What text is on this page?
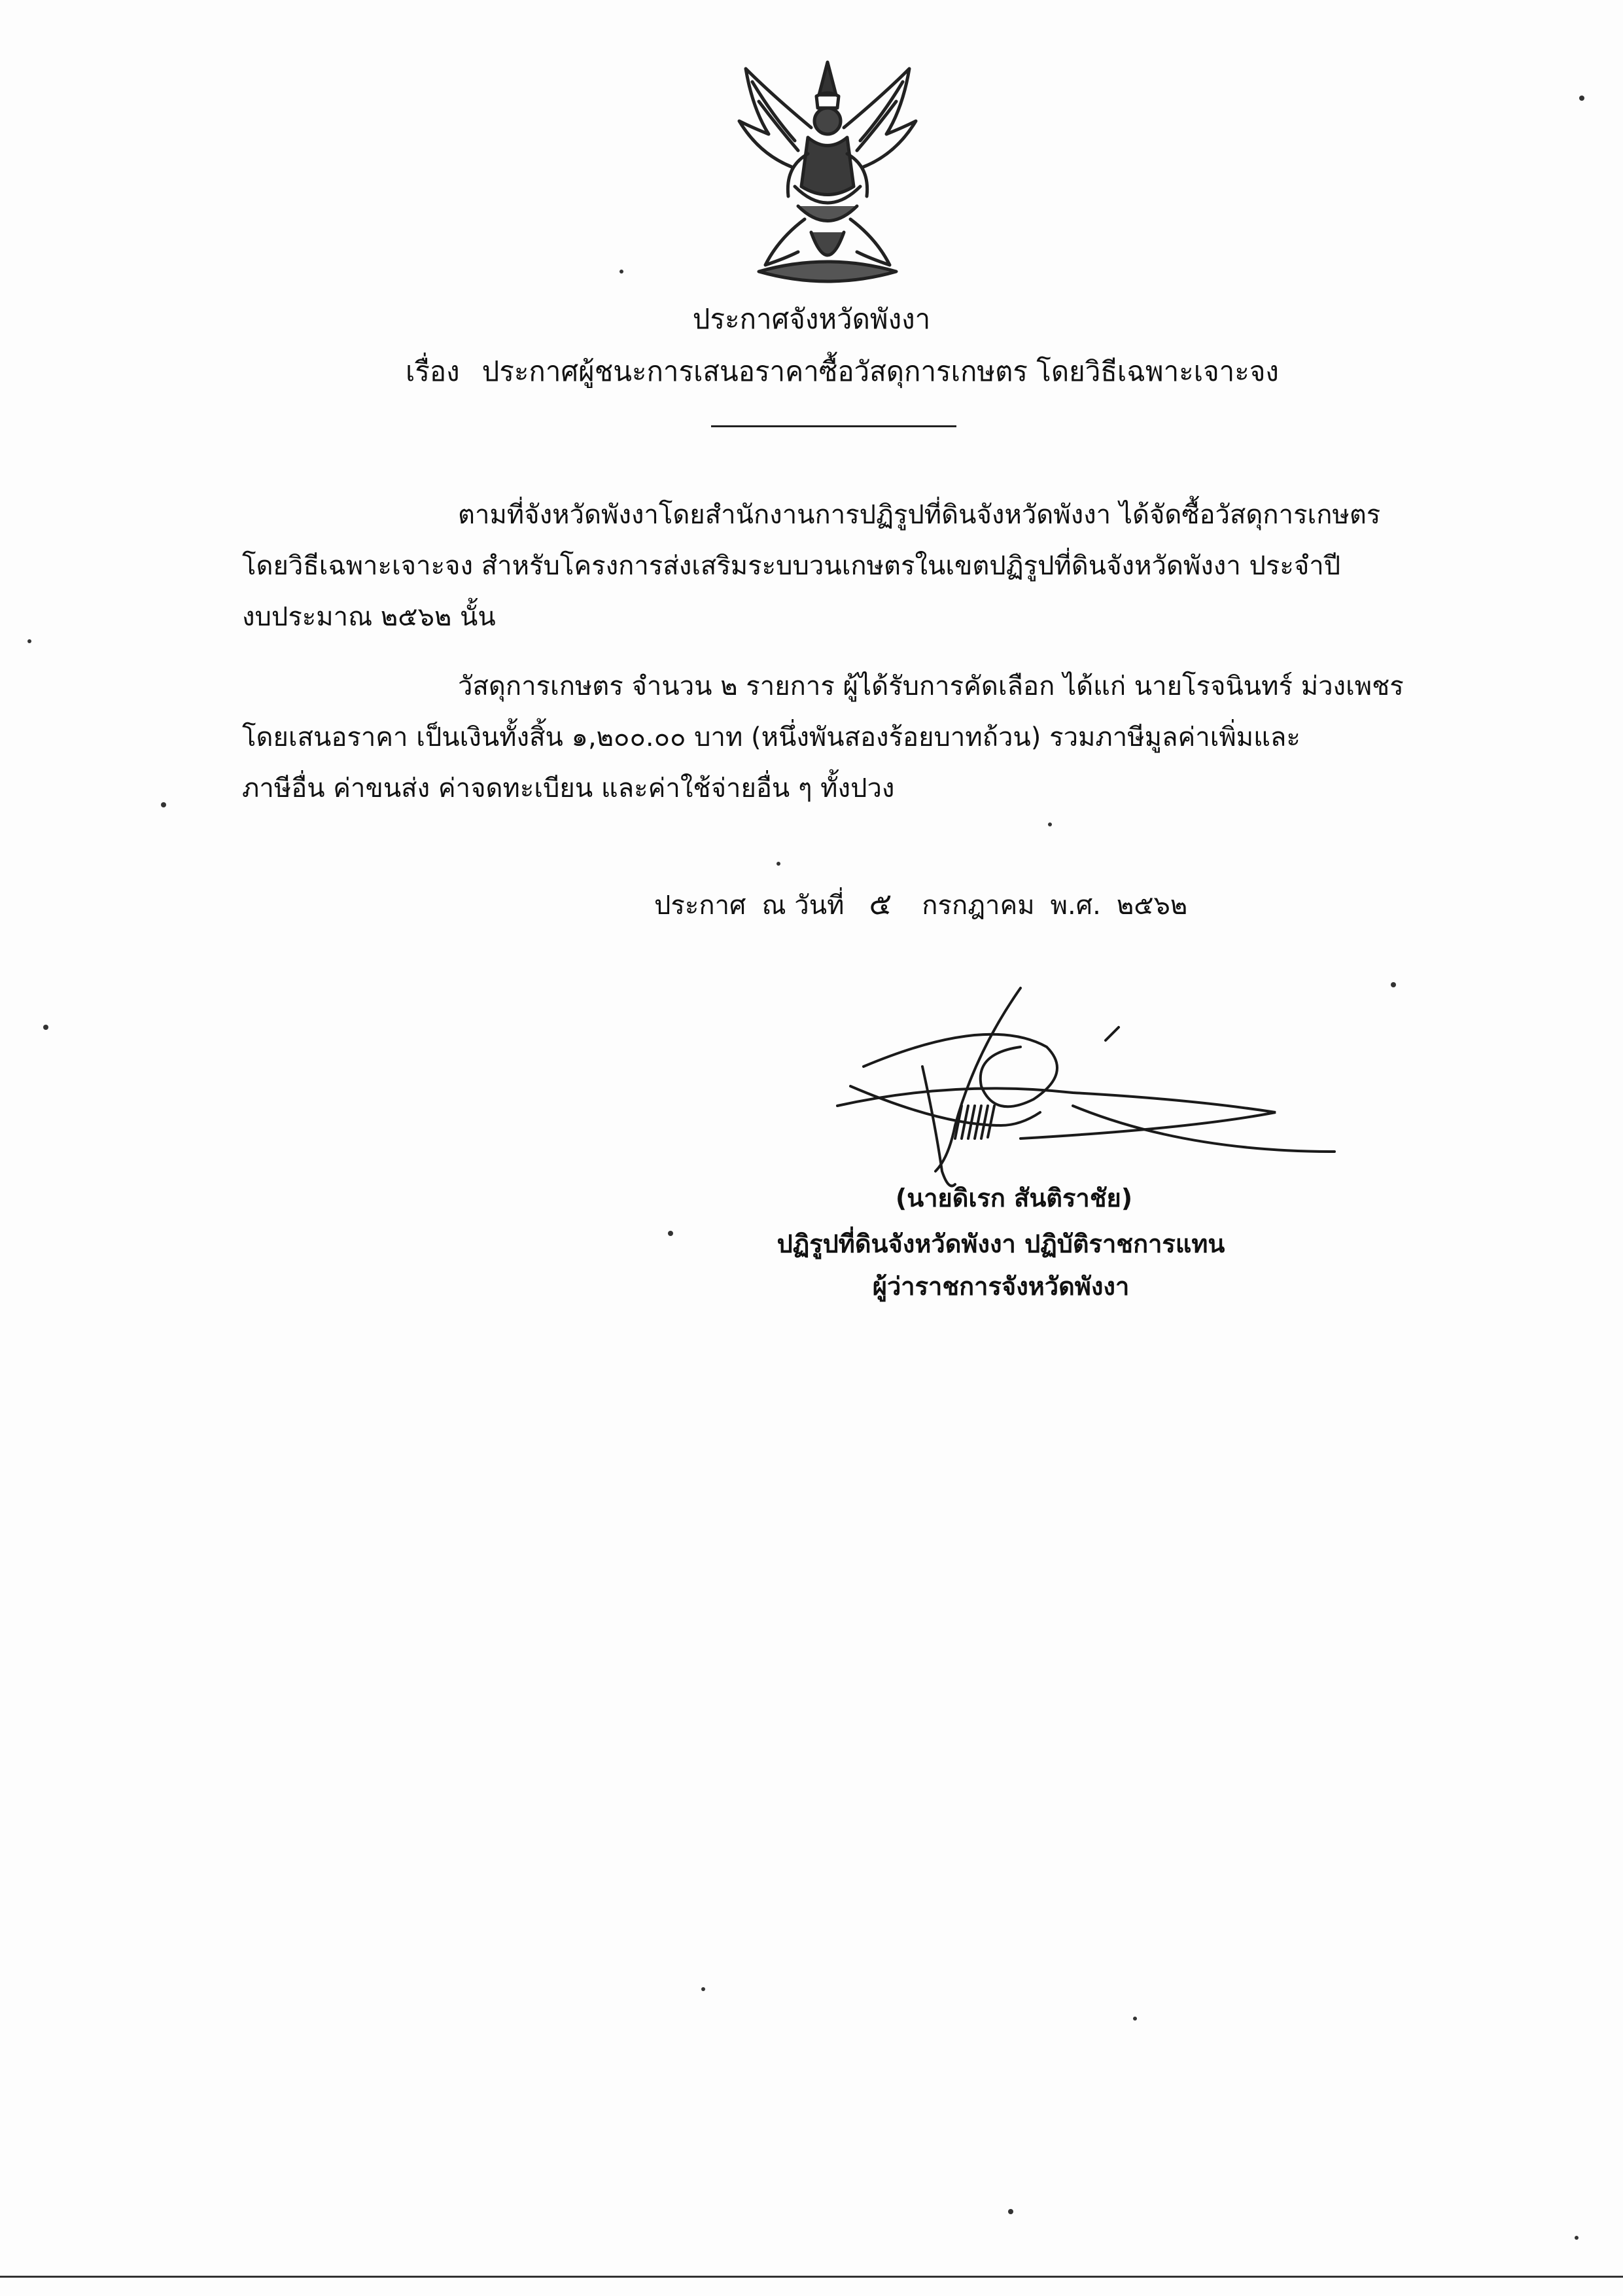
ประกาศจังหวัดพังงา
เรื่อง ประกาศผู้ชนะการเสนอราคาซื้อวัสดุการเกษตร โดยวิธีเฉพาะเจาะจง
ตามที่จังหวัดพังงาโดยสำนักงานการปฏิรูปที่ดินจังหวัดพังงา ได้จัดซื้อวัสดุการเกษตร
โดยวิธีเฉพาะเจาะจง สำหรับโครงการส่งเสริมระบบวนเกษตรในเขตปฏิรูปที่ดินจังหวัดพังงา ประจำปี
งบประมาณ ๒๕๖๒ นั้น
วัสดุการเกษตร จำนวน ๒ รายการ ผู้ได้รับการคัดเลือก ได้แก่ นายโรจนินทร์ ม่วงเพชร
โดยเสนอราคา เป็นเงินทั้งสิ้น ๑,๒๐๐.๐๐ บาท (หนึ่งพันสองร้อยบาทถ้วน) รวมภาษีมูลค่าเพิ่มและ
ภาษีอื่น ค่าขนส่ง ค่าจดทะเบียน และค่าใช้จ่ายอื่น ๆ ทั้งปวง
ประกาศ ณ วันที่ ๕ กรกฎาคม พ.ศ. ๒๕๖๒
(นายดิเรก สันติราชัย)
ปฏิรูปที่ดินจังหวัดพังงา ปฏิบัติราชการแทน
ผู้ว่าราชการจังหวัดพังงา
